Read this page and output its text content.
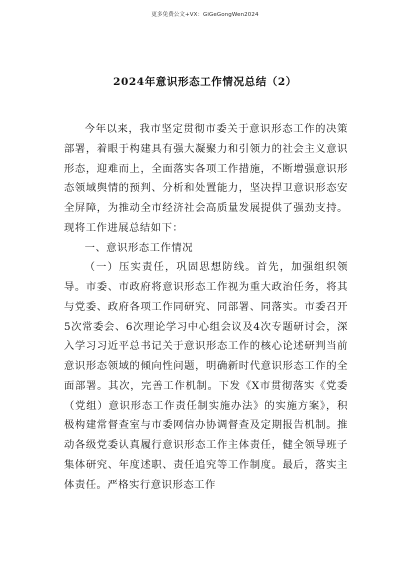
更多免费公文+VX：GiGeGongWen2024
2024年意识形态工作情况总结（2）

今年以来，我市坚定贯彻市委关于意识形态工作的决策部署，着眼于构建具有强大凝聚力和引领力的社会主义意识形态，迎难而上，全面落实各项工作措施，不断增强意识形态领域舆情的预判、分析和处置能力，坚决捍卫意识形态安全屏障，为推动全市经济社会高质量发展提供了强劲支持。现将工作进展总结如下：

一、意识形态工作情况

（一）压实责任，巩固思想防线。首先，加强组织领导。市委、市政府将意识形态工作视为重大政治任务，将其与党委、政府各项工作同研究、同部署、同落实。市委召开5次常委会、6次理论学习中心组会议及4次专题研讨会，深入学习习近平总书记关于意识形态工作的核心论述研判当前意识形态领域的倾向性问题，明确新时代意识形态工作的全面部署。其次，完善工作机制。下发《X市贯彻落实《党委（党组）意识形态工作责任制实施办法》的实施方案》，积极构建常督查室与市委网信办协调督查及定期报告机制。推动各级党委认真履行意识形态工作主体责任，健全领导班子集体研究、年度述职、责任追究等工作制度。最后，落实主体责任。严格实行意识形态工作
